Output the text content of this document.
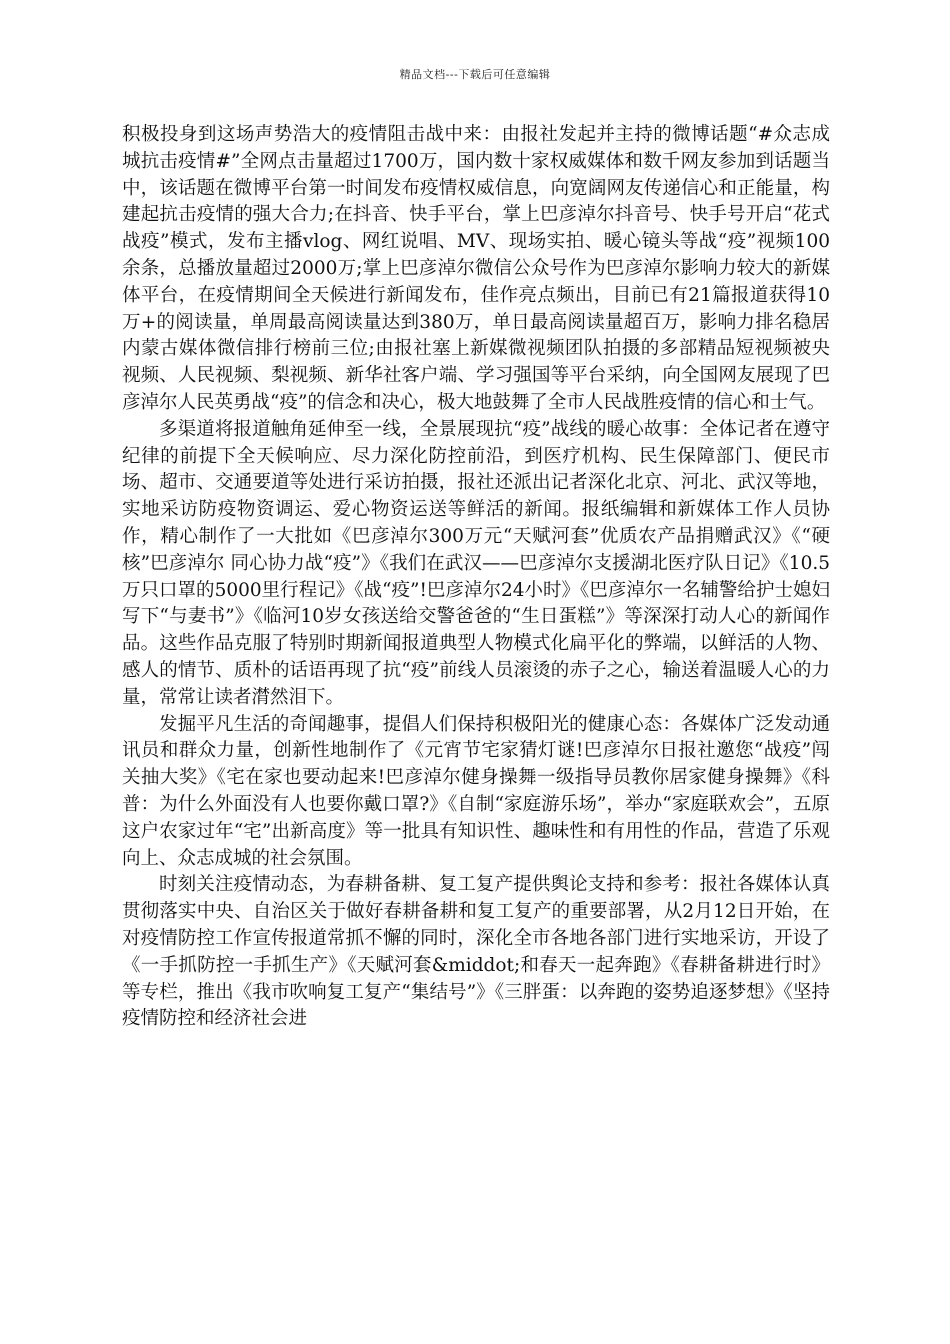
精品文档---下载后可任意编辑

积极投身到这场声势浩大的疫情阻击战中来：由报社发起并主持的微博话题“#众志成城抗击疫情#”全网点击量超过1700万，国内数十家权威媒体和数千网友参加到话题当中，该话题在微博平台第一时间发布疫情权威信息，向宽阔网友传递信心和正能量，构建起抗击疫情的强大合力;在抖音、快手平台，掌上巴彦淖尔抖音号、快手号开启“花式战疫”模式，发布主播vlog、网红说唱、MV、现场实拍、暖心镜头等战“疫”视频100余条，总播放量超过2000万;掌上巴彦淖尔微信公众号作为巴彦淖尔影响力较大的新媒体平台，在疫情期间全天候进行新闻发布，佳作亮点频出，目前已有21篇报道获得10万+的阅读量，单周最高阅读量达到380万，单日最高阅读量超百万，影响力排名稳居内蒙古媒体微信排行榜前三位;由报社塞上新媒微视频团队拍摄的多部精品短视频被央视频、人民视频、梨视频、新华社客户端、学习强国等平台采纳，向全国网友展现了巴彦淖尔人民英勇战“疫”的信念和决心，极大地鼓舞了全市人民战胜疫情的信心和士气。

多渠道将报道触角延伸至一线，全景展现抗“疫”战线的暖心故事：全体记者在遵守纪律的前提下全天候响应、尽力深化防控前沿，到医疗机构、民生保障部门、便民市场、超市、交通要道等处进行采访拍摄，报社还派出记者深化北京、河北、武汉等地，实地采访防疫物资调运、爱心物资运送等鲜活的新闻。报纸编辑和新媒体工作人员协作，精心制作了一大批如《巴彦淖尔300万元“天赋河套”优质农产品捐赠武汉》《“硬核”巴彦淖尔 同心协力战“疫”》《我们在武汉——巴彦淖尔支援湖北医疗队日记》《10.5万只口罩的5000里行程记》《战“疫”!巴彦淖尔24小时》《巴彦淖尔一名辅警给护士媳妇写下“与妻书”》《临河10岁女孩送给交警爸爸的“生日蛋糕”》等深深打动人心的新闻作品。这些作品克服了特别时期新闻报道典型人物模式化扁平化的弊端，以鲜活的人物、感人的情节、质朴的话语再现了抗“疫”前线人员滚烫的赤子之心，输送着温暖人心的力量，常常让读者潸然泪下。

发掘平凡生活的奇闻趣事，提倡人们保持积极阳光的健康心态：各媒体广泛发动通讯员和群众力量，创新性地制作了《元宵节宅家猜灯谜!巴彦淖尔日报社邀您“战疫”闯关抽大奖》《宅在家也要动起来!巴彦淖尔健身操舞一级指导员教你居家健身操舞》《科普：为什么外面没有人也要你戴口罩?》《自制“家庭游乐场”，举办“家庭联欢会”，五原这户农家过年“宅”出新高度》等一批具有知识性、趣味性和有用性的作品，营造了乐观向上、众志成城的社会氛围。

时刻关注疫情动态，为春耕备耕、复工复产提供舆论支持和参考：报社各媒体认真贯彻落实中央、自治区关于做好春耕备耕和复工复产的重要部署，从2月12日开始，在对疫情防控工作宣传报道常抓不懈的同时，深化全市各地各部门进行实地采访，开设了《一手抓防控一手抓生产》《天赋河套&middot;和春天一起奔跑》《春耕备耕进行时》等专栏，推出《我市吹响复工复产“集结号”》《三胖蛋：以奔跑的姿势追逐梦想》《坚持疫情防控和经济社会进
